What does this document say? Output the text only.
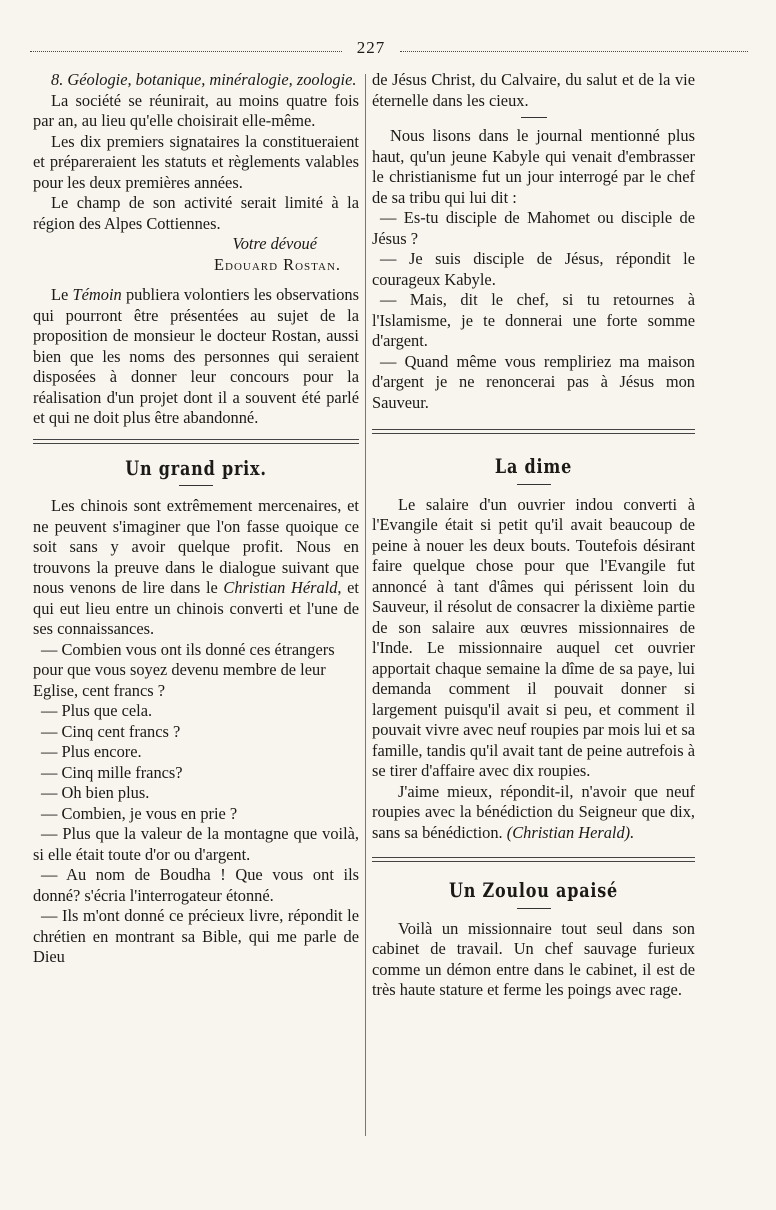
227

8. Géologie, botanique, minéralogie, zoologie.

La société se réunirait, au moins quatre fois par an, au lieu qu'elle choisirait elle-même.

Les dix premiers signataires la constitueraient et prépareraient les statuts et règlements valables pour les deux premières années.

Le champ de son activité serait limité à la région des Alpes Cottiennes.

Votre dévoué

Edouard Rostan.

Le Témoin publiera volontiers les observations qui pourront être présentées au sujet de la proposition de monsieur le docteur Rostan, aussi bien que les noms des personnes qui seraient disposées à donner leur concours pour la réalisation d'un projet dont il a souvent été parlé et qui ne doit plus être abandonné.

Un grand prix.

Les chinois sont extrêmement mercenaires, et ne peuvent s'imaginer que l'on fasse quoique ce soit sans y avoir quelque profit. Nous en trouvons la preuve dans le dialogue suivant que nous venons de lire dans le Christian Hérald, et qui eut lieu entre un chinois converti et l'une de ses connaissances.

— Combien vous ont ils donné ces étrangers pour que vous soyez devenu membre de leur Eglise, cent francs ?

— Plus que cela.

— Cinq cent francs ?

— Plus encore.

— Cinq mille francs?

— Oh bien plus.

— Combien, je vous en prie ?

— Plus que la valeur de la montagne que voilà, si elle était toute d'or ou d'argent.

— Au nom de Boudha ! Que vous ont ils donné? s'écria l'interrogateur étonné.

— Ils m'ont donné ce précieux livre, répondit le chrétien en montrant sa Bible, qui me parle de Dieu

de Jésus Christ, du Calvaire, du salut et de la vie éternelle dans les cieux.

Nous lisons dans le journal mentionné plus haut, qu'un jeune Kabyle qui venait d'embrasser le christianisme fut un jour interrogé par le chef de sa tribu qui lui dit :

— Es-tu disciple de Mahomet ou disciple de Jésus ?

— Je suis disciple de Jésus, répondit le courageux Kabyle.

— Mais, dit le chef, si tu retournes à l'Islamisme, je te donnerai une forte somme d'argent.

— Quand même vous rempliriez ma maison d'argent je ne renoncerai pas à Jésus mon Sauveur.

La dime

Le salaire d'un ouvrier indou converti à l'Evangile était si petit qu'il avait beaucoup de peine à nouer les deux bouts. Toutefois désirant faire quelque chose pour que l'Evangile fut annoncé à tant d'âmes qui périssent loin du Sauveur, il résolut de consacrer la dixième partie de son salaire aux œuvres missionnaires de l'Inde. Le missionnaire auquel cet ouvrier apportait chaque semaine la dîme de sa paye, lui demanda comment il pouvait donner si largement puisqu'il avait si peu, et comment il pouvait vivre avec neuf roupies par mois lui et sa famille, tandis qu'il avait tant de peine autrefois à se tirer d'affaire avec dix roupies.

J'aime mieux, répondit-il, n'avoir que neuf roupies avec la bénédiction du Seigneur que dix, sans sa bénédiction. (Christian Herald).

Un Zoulou apaisé

Voilà un missionnaire tout seul dans son cabinet de travail. Un chef sauvage furieux comme un démon entre dans le cabinet, il est de très haute stature et ferme les poings avec rage.
